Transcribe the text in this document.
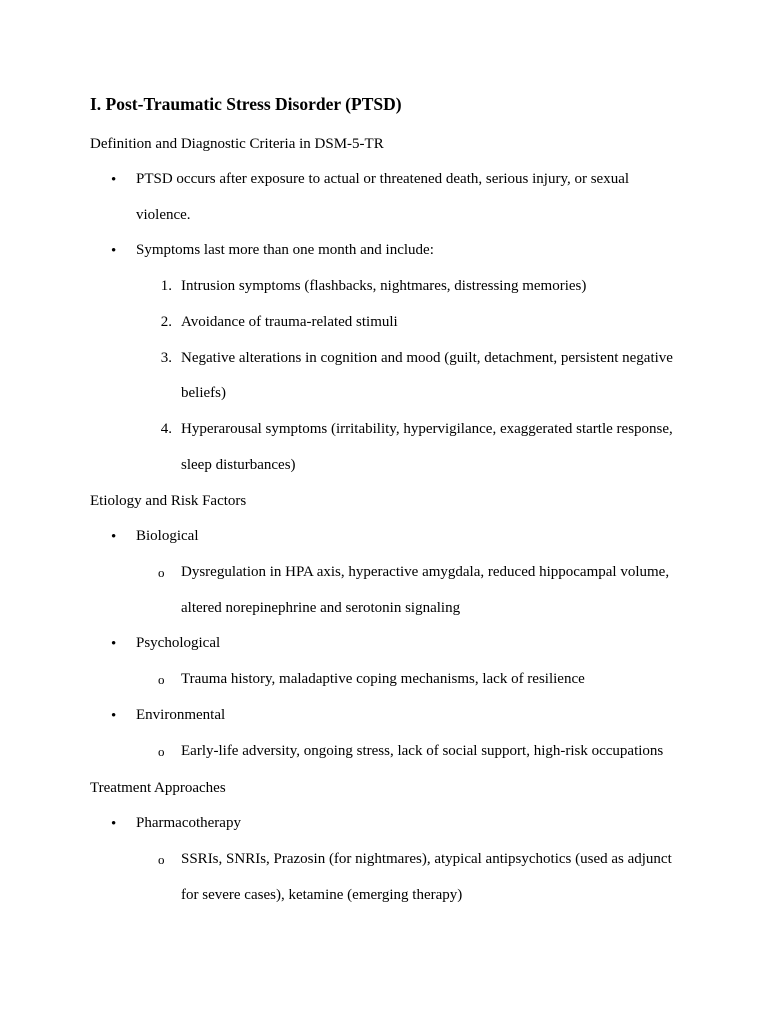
I. Post-Traumatic Stress Disorder (PTSD)
Definition and Diagnostic Criteria in DSM-5-TR
• PTSD occurs after exposure to actual or threatened death, serious injury, or sexual
violence.
• Symptoms last more than one month and include:
1. Intrusion symptoms (flashbacks, nightmares, distressing memories)
2. Avoidance of trauma-related stimuli
3. Negative alterations in cognition and mood (guilt, detachment, persistent negative
beliefs)
4. Hyperarousal symptoms (irritability, hypervigilance, exaggerated startle response,
sleep disturbances)
Etiology and Risk Factors
• Biological
o Dysregulation in HPA axis, hyperactive amygdala, reduced hippocampal volume,
altered norepinephrine and serotonin signaling
• Psychological
o Trauma history, maladaptive coping mechanisms, lack of resilience
• Environmental
o Early-life adversity, ongoing stress, lack of social support, high-risk occupations
Treatment Approaches
• Pharmacotherapy
o SSRIs, SNRIs, Prazosin (for nightmares), atypical antipsychotics (used as adjunct
for severe cases), ketamine (emerging therapy)
